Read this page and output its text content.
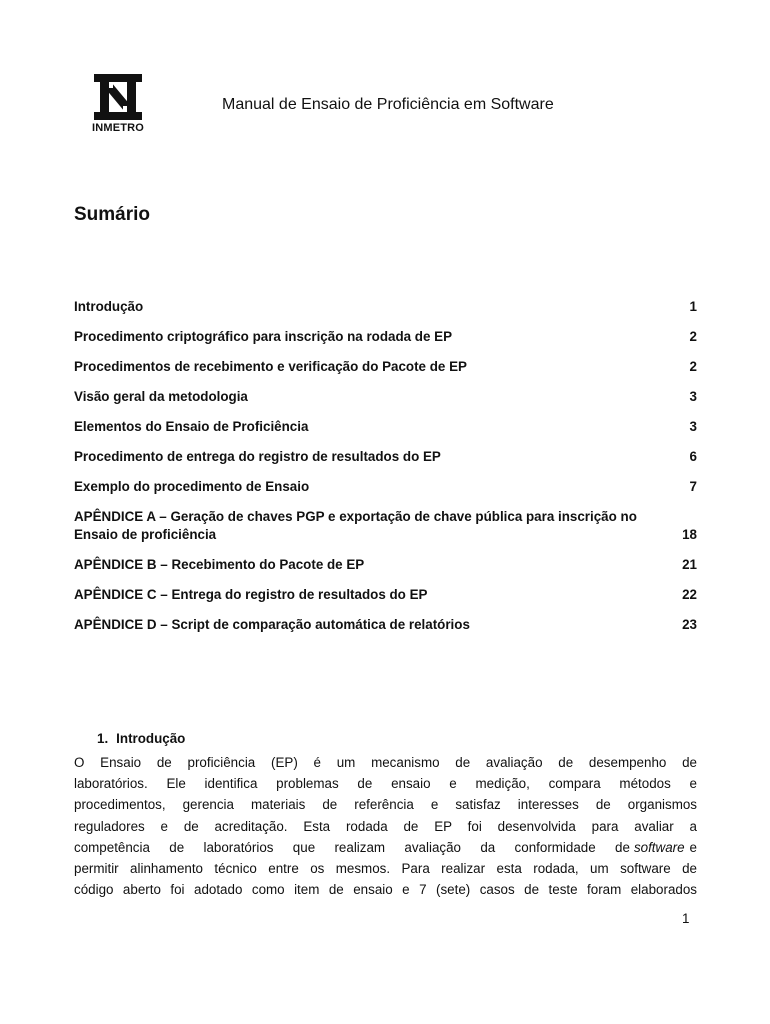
INMETRO
Manual de Ensaio de Proficiência em Software
Sumário
Introdução	1
Procedimento criptográfico para inscrição na rodada de EP	2
Procedimentos de recebimento e verificação do Pacote de EP	2
Visão geral da metodologia	3
Elementos do Ensaio de Proficiência	3
Procedimento de entrega do registro de resultados do EP	6
Exemplo do procedimento de Ensaio	7
APÊNDICE A – Geração de chaves PGP e exportação de chave pública para inscrição no Ensaio de proficiência	18
APÊNDICE B – Recebimento do Pacote de EP	21
APÊNDICE C – Entrega do registro de resultados do EP	22
APÊNDICE D – Script de comparação automática de relatórios	23
1. Introdução
O Ensaio de proficiência (EP) é um mecanismo de avaliação de desempenho de
laboratórios. Ele identifica problemas de ensaio e medição, compara métodos e
procedimentos, gerencia materiais de referência e satisfaz interesses de organismos
reguladores e de acreditação. Esta rodada de EP foi desenvolvida para avaliar a
competência de laboratórios que realizam avaliação da conformidade de software e
permitir alinhamento técnico entre os mesmos. Para realizar esta rodada, um software de
código aberto foi adotado como item de ensaio e 7 (sete) casos de teste foram elaborados
1
